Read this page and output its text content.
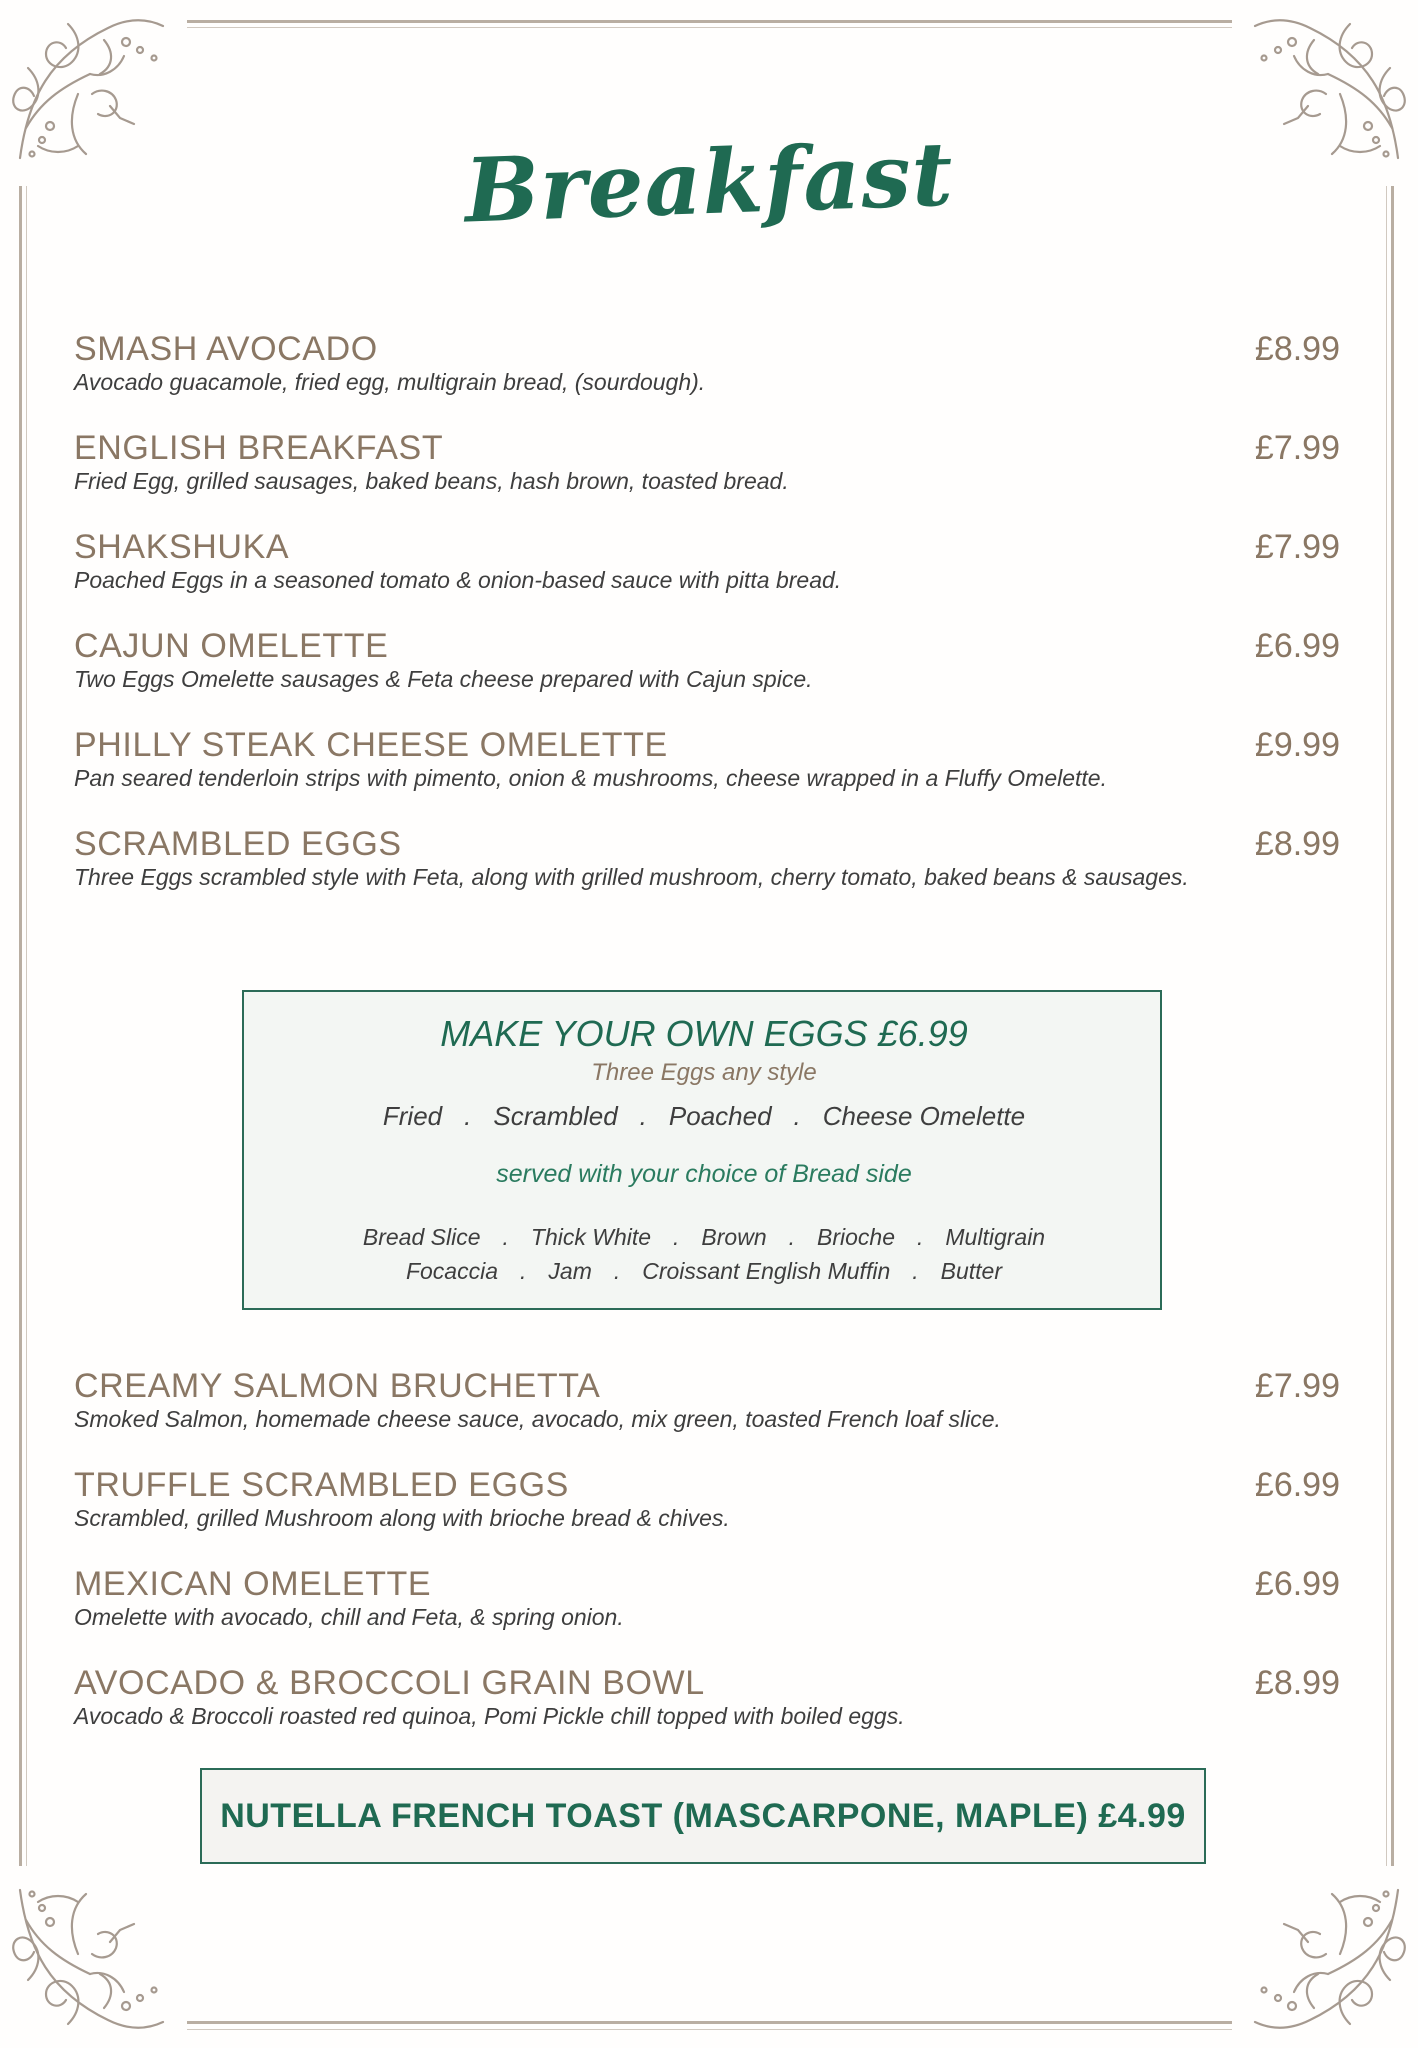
Breakfast
SMASH AVOCADO	£8.99
Avocado guacamole, fried egg, multigrain bread, (sourdough).
ENGLISH BREAKFAST	£7.99
Fried Egg, grilled sausages, baked beans, hash brown, toasted bread.
SHAKSHUKA	£7.99
Poached Eggs in a seasoned tomato & onion-based sauce with pitta bread.
CAJUN OMELETTE	£6.99
Two Eggs Omelette sausages & Feta cheese prepared with Cajun spice.
PHILLY STEAK CHEESE OMELETTE	£9.99
Pan seared tenderloin strips with pimento, onion & mushrooms, cheese wrapped in a Fluffy Omelette.
SCRAMBLED EGGS	£8.99
Three Eggs scrambled style with Feta, along with grilled mushroom, cherry tomato, baked beans & sausages.
MAKE YOUR OWN EGGS £6.99
Three Eggs any style
Fried . Scrambled . Poached . Cheese Omelette
served with your choice of Bread side
Bread Slice . Thick White . Brown . Brioche . Multigrain
Focaccia . Jam . Croissant English Muffin . Butter
CREAMY SALMON BRUCHETTA	£7.99
Smoked Salmon, homemade cheese sauce, avocado, mix green, toasted French loaf slice.
TRUFFLE SCRAMBLED EGGS	£6.99
Scrambled, grilled Mushroom along with brioche bread & chives.
MEXICAN OMELETTE	£6.99
Omelette with avocado, chill and Feta, & spring onion.
AVOCADO & BROCCOLI GRAIN BOWL	£8.99
Avocado & Broccoli roasted red quinoa, Pomi Pickle chill topped with boiled eggs.
NUTELLA FRENCH TOAST (MASCARPONE, MAPLE) £4.99
